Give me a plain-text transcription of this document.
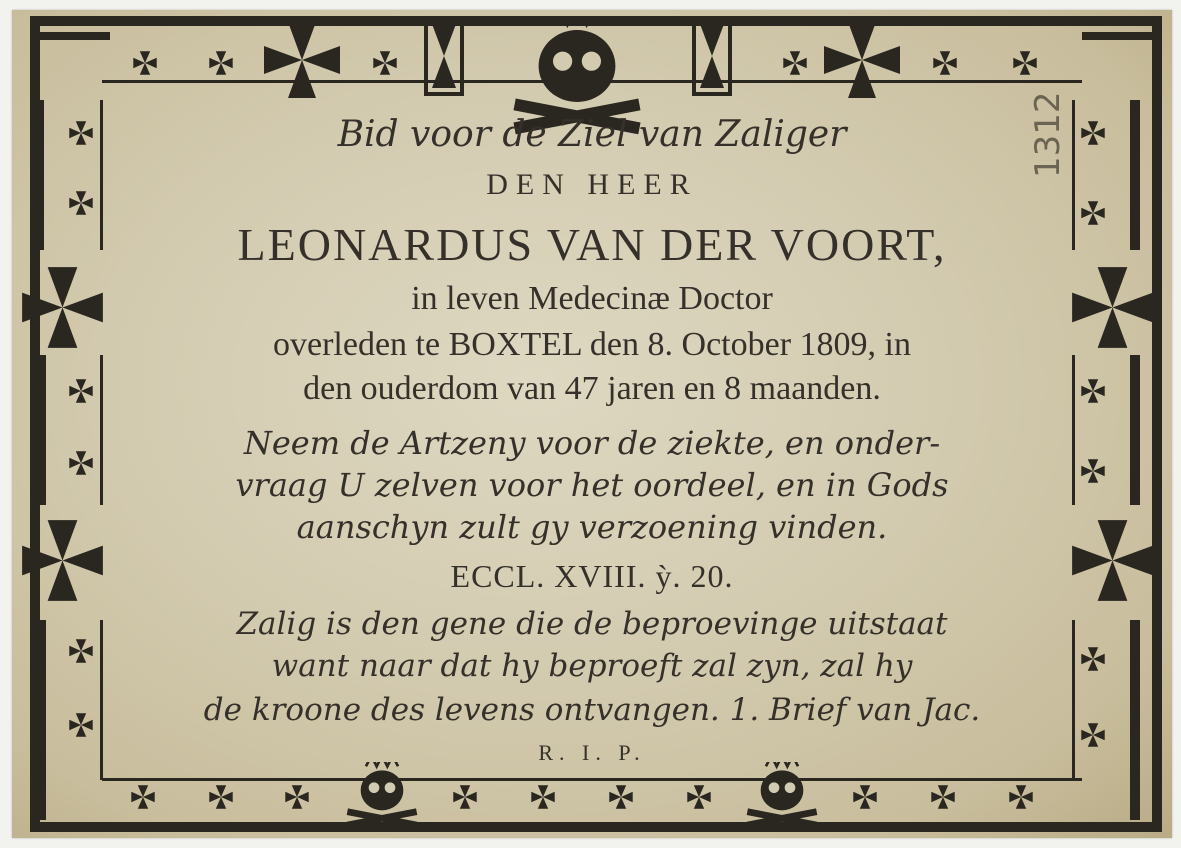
Bid voor de Ziel van Zaliger
DEN HEER
LEONARDUS VAN DER VOORT,
in leven Medecinæ Doctor
overleden te BOXTEL den 8. October 1809, in
den ouderdom van 47 jaren en 8 maanden.
Neem de Artzeny voor de ziekte, en onder-
vraag U zelven voor het oordeel, en in Gods
aanschyn zult gy verzoening vinden.
ECCL. XVIII. ỳ. 20.
Zalig is den gene die de beproevinge uitstaat
want naar dat hy beproeft zal zyn, zal hy
de kroone des levens ontvangen. 1. Brief van Jac.
R. I. P.
1312
